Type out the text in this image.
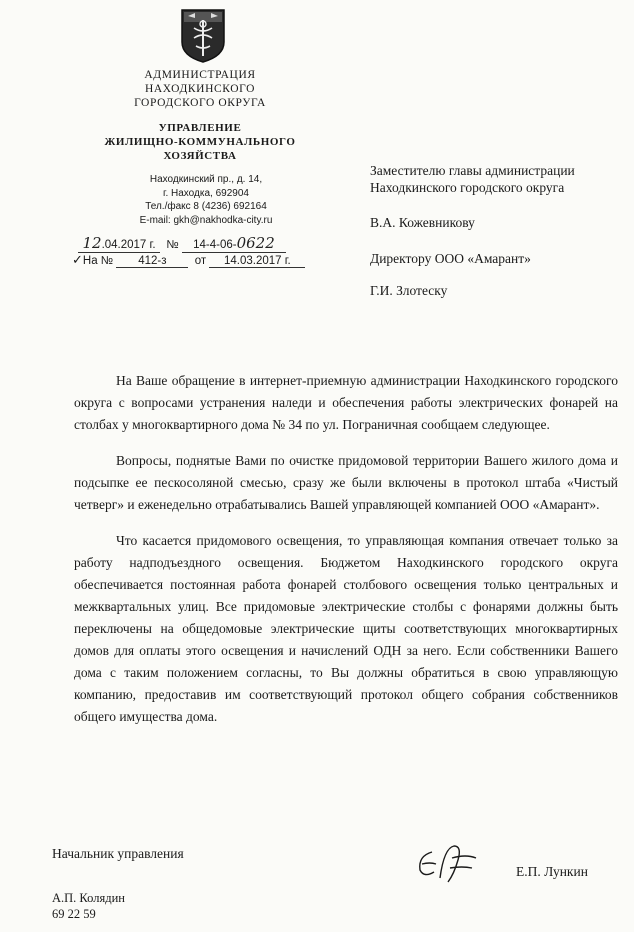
АДМИНИСТРАЦИЯ
НАХОДКИНСКОГО
ГОРОДСКОГО ОКРУГА
УПРАВЛЕНИЕ
ЖИЛИЩНО-КОММУНАЛЬНОГО
ХОЗЯЙСТВА
Находкинский пр., д. 14,
г. Находка, 692904
Тел./факс 8 (4236) 692164
E-mail: gkh@nakhodka-city.ru
12.04.2017 г. № 14-4-06-0622
✓На № 412-з от 14.03.2017 г.
Заместителю главы администрации
Находкинского городского округа
В.А. Кожевникову
Директору ООО «Амарант»
Г.И. Злотеску

На Ваше обращение в интернет-приемную администрации Находкинского городского округа с вопросами устранения наледи и обеспечения работы электрических фонарей на столбах у многоквартирного дома № 34 по ул. Пограничная сообщаем следующее.

Вопросы, поднятые Вами по очистке придомовой территории Вашего жилого дома и подсыпке ее пескосоляной смесью, сразу же были включены в протокол штаба «Чистый четверг» и еженедельно отрабатывались Вашей управляющей компанией ООО «Амарант».

Что касается придомового освещения, то управляющая компания отвечает только за работу надподъездного освещения. Бюджетом Находкинского городского округа обеспечивается постоянная работа фонарей столбового освещения только центральных и межквартальных улиц. Все придомовые электрические столбы с фонарями должны быть переключены на общедомовые электрические щиты соответствующих многоквартирных домов для оплаты этого освещения и начислений ОДН за него. Если собственники Вашего дома с таким положением согласны, то Вы должны обратиться в свою управляющую компанию, предоставив им соответствующий протокол общего собрания собственников общего имущества дома.

Начальник управления
Е.П. Лункин
А.П. Колядин
69 22 59
